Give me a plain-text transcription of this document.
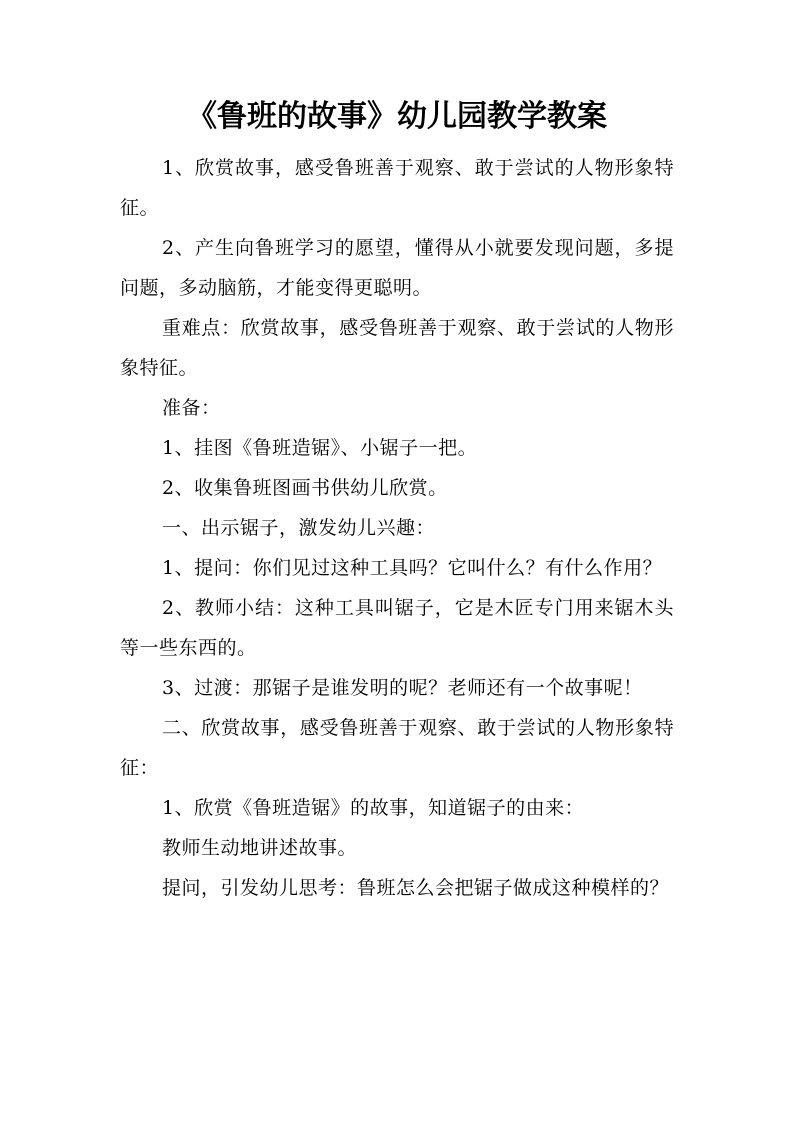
《鲁班的故事》幼儿园教学教案

1、欣赏故事，感受鲁班善于观察、敢于尝试的人物形象特征。

2、产生向鲁班学习的愿望，懂得从小就要发现问题，多提问题，多动脑筋，才能变得更聪明。

重难点：欣赏故事，感受鲁班善于观察、敢于尝试的人物形象特征。

准备：

1、挂图《鲁班造锯》、小锯子一把。

2、收集鲁班图画书供幼儿欣赏。

一、出示锯子，激发幼儿兴趣：

1、提问：你们见过这种工具吗？它叫什么？有什么作用？

2、教师小结：这种工具叫锯子，它是木匠专门用来锯木头等一些东西的。

3、过渡：那锯子是谁发明的呢？老师还有一个故事呢！

二、欣赏故事，感受鲁班善于观察、敢于尝试的人物形象特征：

1、欣赏《鲁班造锯》的故事，知道锯子的由来：

教师生动地讲述故事。

提问，引发幼儿思考：鲁班怎么会把锯子做成这种模样的？
